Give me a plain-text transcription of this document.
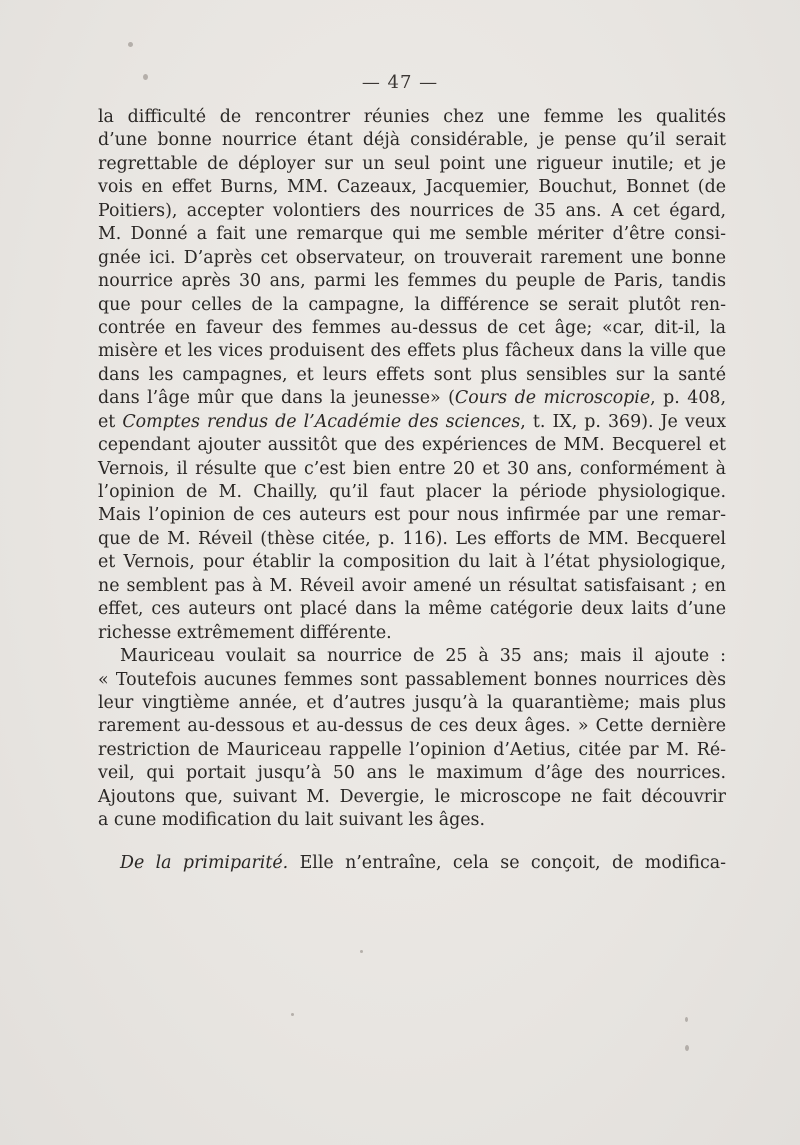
— 47 —
la difficulté de rencontrer réunies chez une femme les qualités
d’une bonne nourrice étant déjà considérable, je pense qu’il serait
regrettable de déployer sur un seul point une rigueur inutile; et je
vois en effet Burns, MM. Cazeaux, Jacquemier, Bouchut, Bonnet (de
Poitiers), accepter volontiers des nourrices de 35 ans. A cet égard,
M. Donné a fait une remarque qui me semble mériter d’être consi-
gnée ici. D’après cet observateur, on trouverait rarement une bonne
nourrice après 30 ans, parmi les femmes du peuple de Paris, tandis
que pour celles de la campagne, la différence se serait plutôt ren-
contrée en faveur des femmes au-dessus de cet âge; «car, dit-il, la
misère et les vices produisent des effets plus fâcheux dans la ville que
dans les campagnes, et leurs effets sont plus sensibles sur la santé
dans l’âge mûr que dans la jeunesse» (Cours de microscopie, p. 408,
et Comptes rendus de l’Académie des sciences, t. IX, p. 369). Je veux
cependant ajouter aussitôt que des expériences de MM. Becquerel et
Vernois, il résulte que c’est bien entre 20 et 30 ans, conformément à
l’opinion de M. Chailly, qu’il faut placer la période physiologique.
Mais l’opinion de ces auteurs est pour nous infirmée par une remar-
que de M. Réveil (thèse citée, p. 116). Les efforts de MM. Becquerel
et Vernois, pour établir la composition du lait à l’état physiologique,
ne semblent pas à M. Réveil avoir amené un résultat satisfaisant ; en
effet, ces auteurs ont placé dans la même catégorie deux laits d’une
richesse extrêmement différente.
Mauriceau voulait sa nourrice de 25 à 35 ans; mais il ajoute :
« Toutefois aucunes femmes sont passablement bonnes nourrices dès
leur vingtième année, et d’autres jusqu’à la quarantième; mais plus
rarement au-dessous et au-dessus de ces deux âges. » Cette dernière
restriction de Mauriceau rappelle l’opinion d’Aetius, citée par M. Ré-
veil, qui portait jusqu’à 50 ans le maximum d’âge des nourrices.
Ajoutons que, suivant M. Devergie, le microscope ne fait découvrir
a cune modification du lait suivant les âges.
De la primiparité. Elle n’entraîne, cela se conçoit, de modifica-
